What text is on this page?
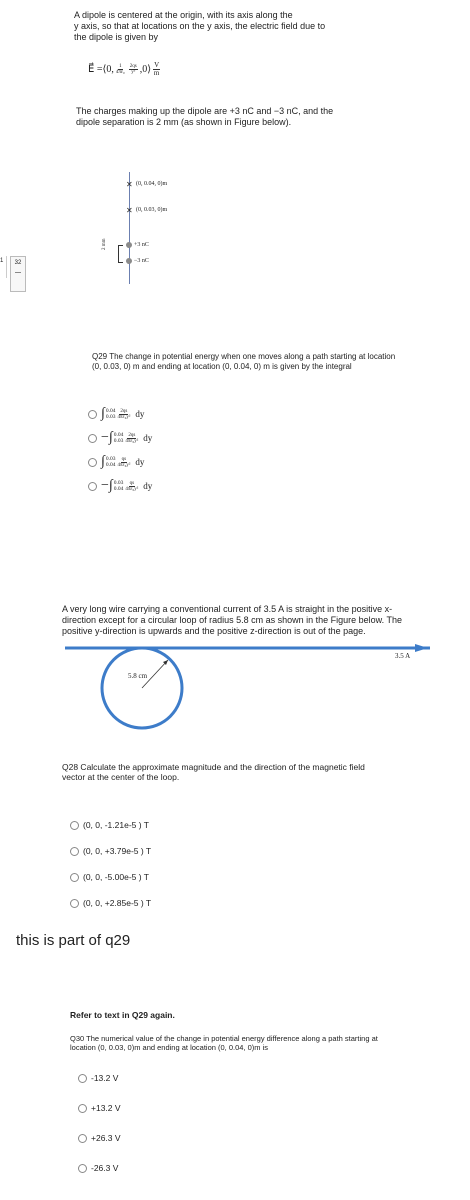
1	32
A dipole is centered at the origin, with its axis along the
y axis, so that at locations on the y axis, the electric field due to
the dipole is given by
E⃗ = ⟨0, $\frac{1}{\text{4πε₀}} \frac{2qs}{\text{y³}}$ ,0⟩ $\frac{V}{m}$
The charges making up the dipole are +3 nC and −3 nC, and the
dipole separation is 2 mm (as shown in Figure below).
✕ (0, 0.04, 0)m
✕ (0, 0.03, 0)m
+3 nC
−3 nC
2 mm
Q29 The change in potential energy when one moves along a path starting at location
(0, 0.03, 0) m and ending at location (0, 0.04, 0) m is given by the integral
∫ 0.04
$0.03 \frac{2qs}{\text{4πε₀y²}}$ dy
− ∫ 0.04
$0.03 \frac{2qs}{\text{4πε₀y²}}$ dy
∫ 0.03
$0.04 \frac{qs}{\text{4πε₀y²}}$ dy
− ∫ 0.03
$0.04 \frac{qs}{\text{4πε₀y²}}$ dy
A very long wire carrying a conventional current of 3.5 A is straight in the positive x-
direction except for a circular loop of radius 5.8 cm as shown in the Figure below. The
positive y-direction is upwards and the positive z-direction is out of the page.
3.5 A
5.8 cm
Q28 Calculate the approximate magnitude and the direction of the magnetic field
vector at the center of the loop.
(0, 0, -1.21e-5 ) T
(0, 0, +3.79e-5 ) T
(0, 0, -5.00e-5 ) T
(0, 0, +2.85e-5 ) T
this is part of q29
Refer to text in Q29 again.
Q30 The numerical value of the change in potential energy difference along a path starting at
location (0, 0.03, 0)m and ending at location (0, 0.04, 0)m is
-13.2 V
+13.2 V
+26.3 V
-26.3 V
